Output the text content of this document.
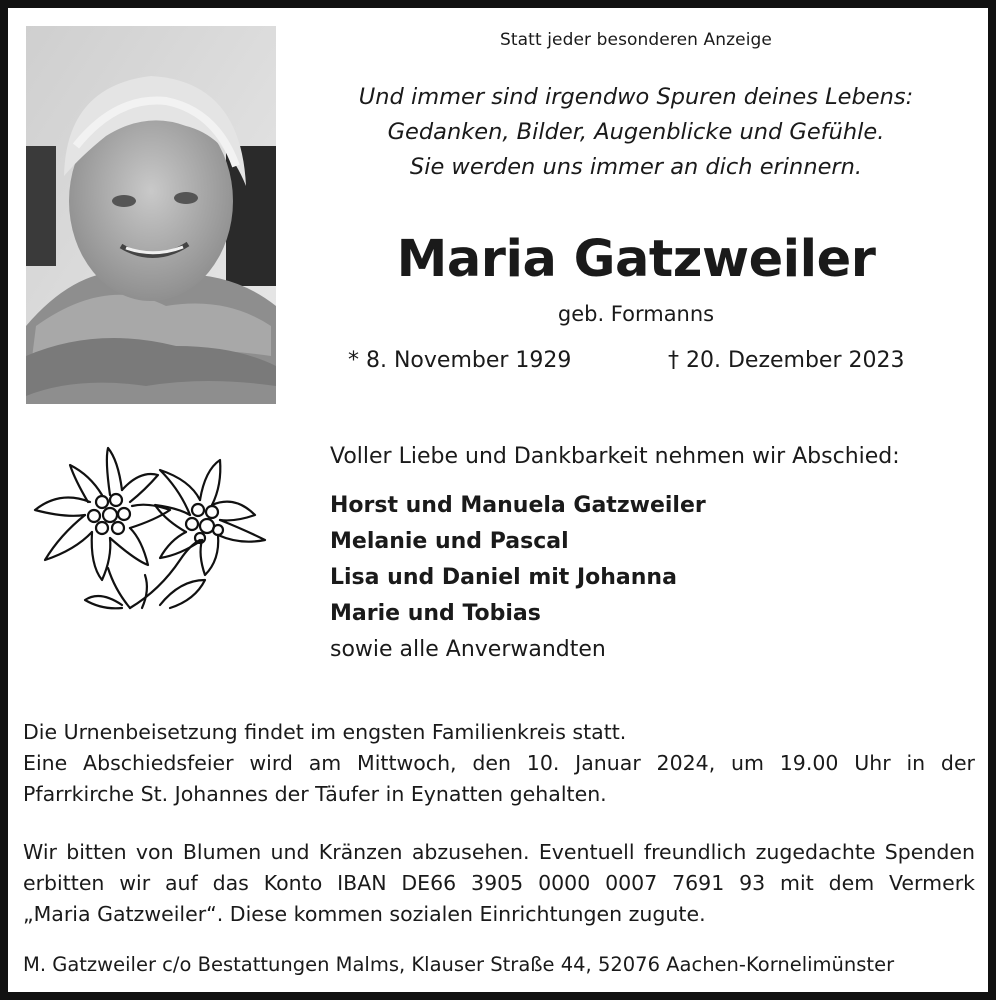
Statt jeder besonderen Anzeige
Und immer sind irgendwo Spuren deines Lebens:
Gedanken, Bilder, Augenblicke und Gefühle.
Sie werden uns immer an dich erinnern.
Maria Gatzweiler
geb. Formanns
* 8. November 1929	† 20. Dezember 2023
Voller Liebe und Dankbarkeit nehmen wir Abschied:
Horst und Manuela Gatzweiler
Melanie und Pascal
Lisa und Daniel mit Johanna
Marie und Tobias
sowie alle Anverwandten
Die Urnenbeisetzung findet im engsten Familienkreis statt.
Eine Abschiedsfeier wird am Mittwoch, den 10. Januar 2024, um 19.00 Uhr in der
Pfarrkirche St. Johannes der Täufer in Eynatten gehalten.
Wir bitten von Blumen und Kränzen abzusehen. Eventuell freundlich zugedachte Spenden
erbitten wir auf das Konto IBAN DE66 3905 0000 0007 7691 93 mit dem Vermerk
„Maria Gatzweiler“. Diese kommen sozialen Einrichtungen zugute.
M. Gatzweiler c/o Bestattungen Malms, Klauser Straße 44, 52076 Aachen-Kornelimünster
